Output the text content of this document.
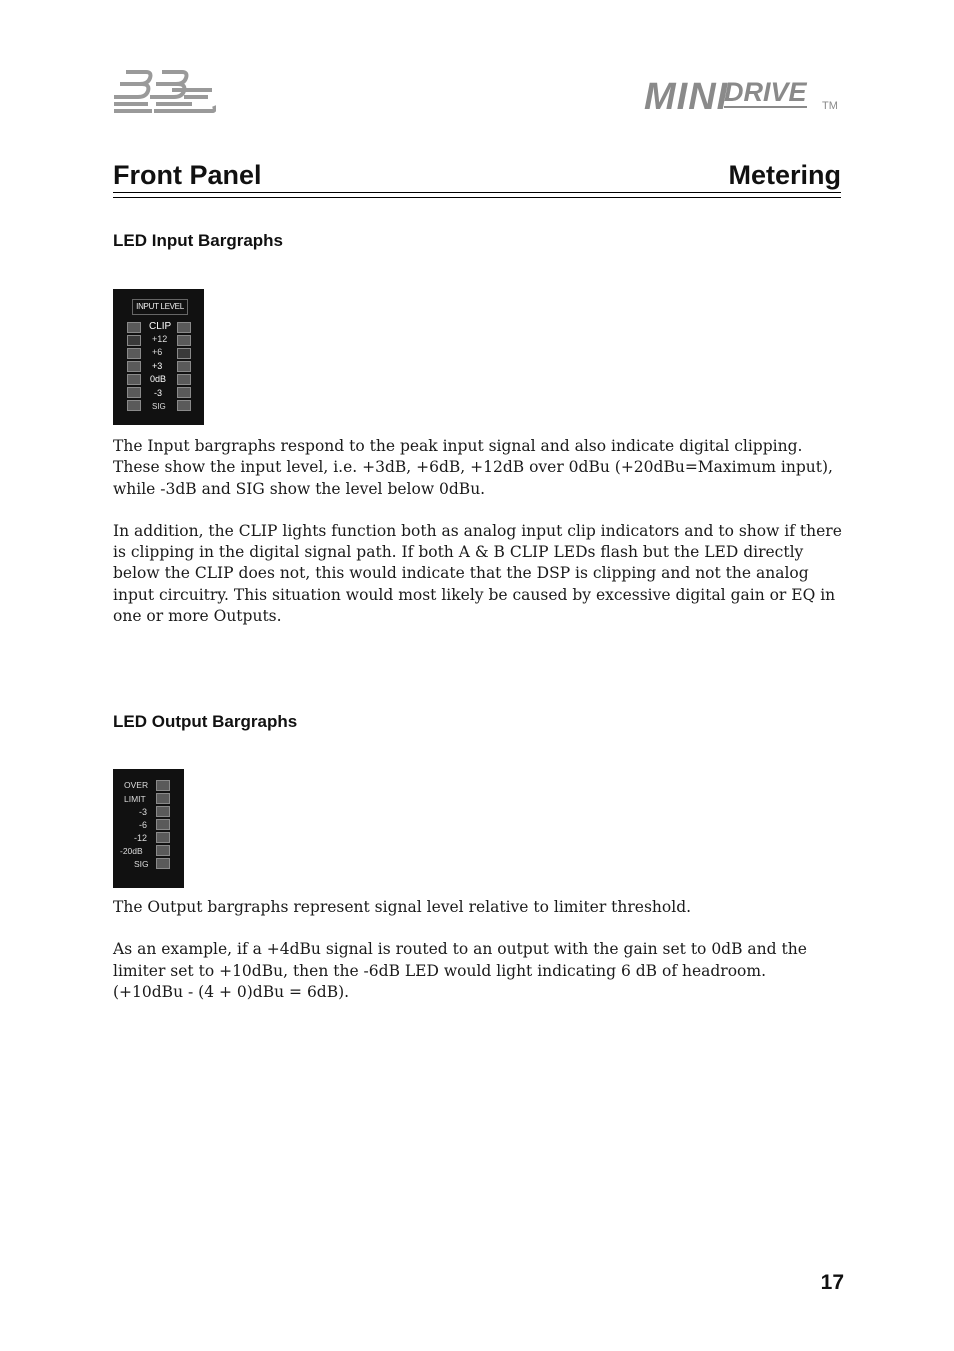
MINI
DRIVE TM
Front Panel	Metering
LED Input Bargraphs
INPUT LEVEL
CLIP
+12
+6
+3
0dB
-3
SIG

The Input bargraphs respond to the peak input signal and also indicate digital clipping. These show the input level, i.e. +3dB, +6dB, +12dB over 0dBu (+20dBu=Maximum input), while -3dB and SIG show the level below 0dBu.

In addition, the CLIP lights function both as analog input clip indicators and to show if there is clipping in the digital signal path. If both A & B CLIP LEDs flash but the LED directly below the CLIP does not, this would indicate that the DSP is clipping and not the analog input circuitry. This situation would most likely be caused by excessive digital gain or EQ in one or more Outputs.

LED Output Bargraphs
OVER
LIMIT
-3
-6
-12
-20dB
SIG

The Output bargraphs represent signal level relative to limiter threshold.

As an example, if a +4dBu signal is routed to an output with the gain set to 0dB and the limiter set to +10dBu, then the -6dB LED would light indicating 6 dB of headroom.

(+10dBu - (4 + 0)dBu = 6dB).

17
